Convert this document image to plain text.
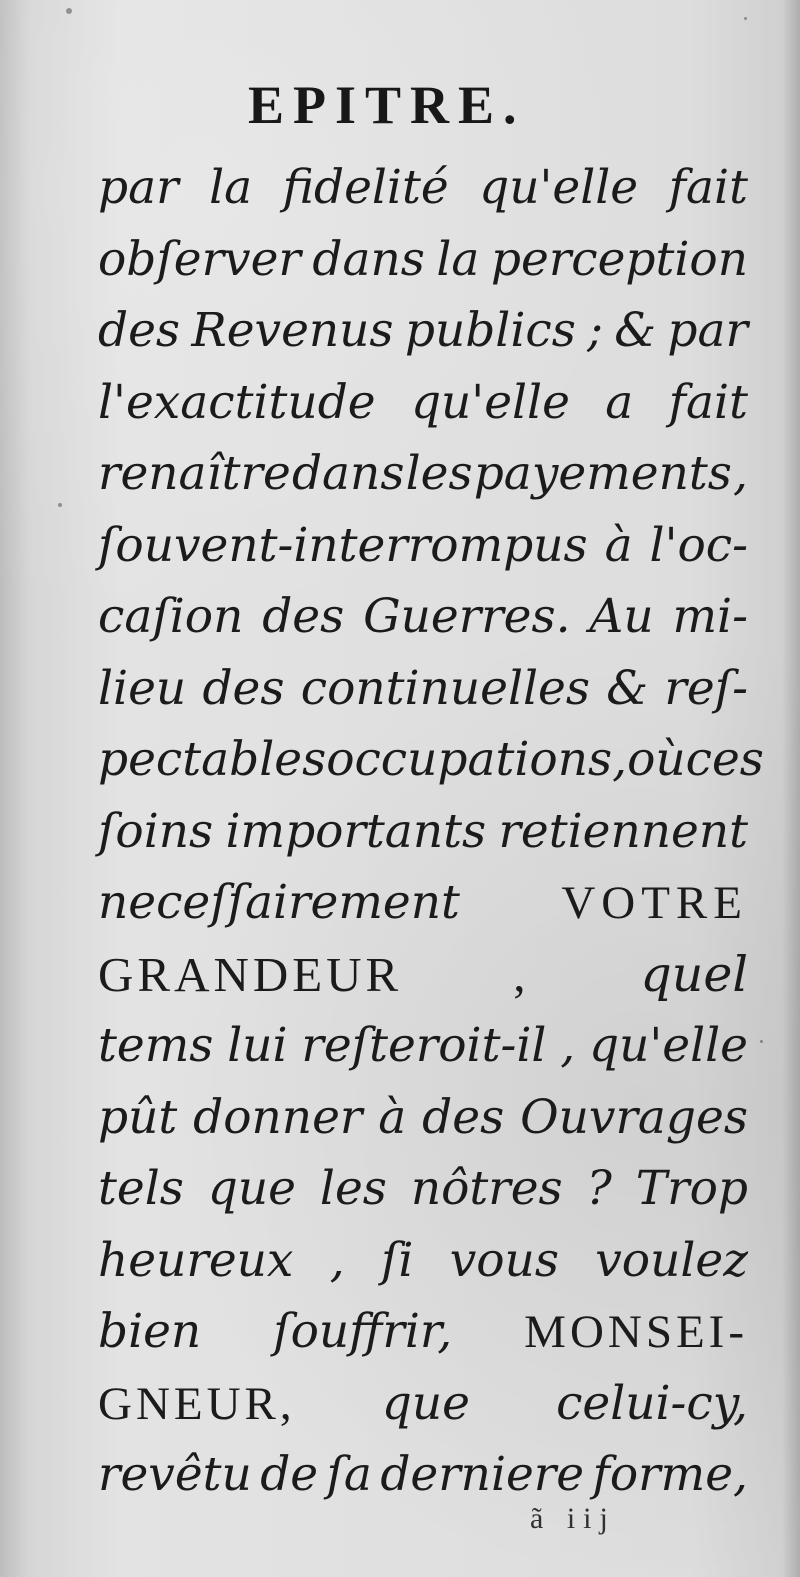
EPITRE.
par la fidelité qu'elle fait
obſerver dans la perception
des Revenus publics ; & par
l'exactitude qu'elle a fait
renaître dans les payements ,
ſouvent-interrompus à l'oc-
caſion des Guerres. Au mi-
lieu des continuelles & reſ-
pectables occupations , où ces
ſoins importants retiennent
neceſſairement VOTRE
GRANDEUR , quel
tems lui reſteroit-il , qu'elle
pût donner à des Ouvrages
tels que les nôtres ? Trop
heureux , ſi vous voulez
bien ſouffrir, MONSEI-
GNEUR, que celui-cy,
revêtu de ſa derniere forme,
ã iij
